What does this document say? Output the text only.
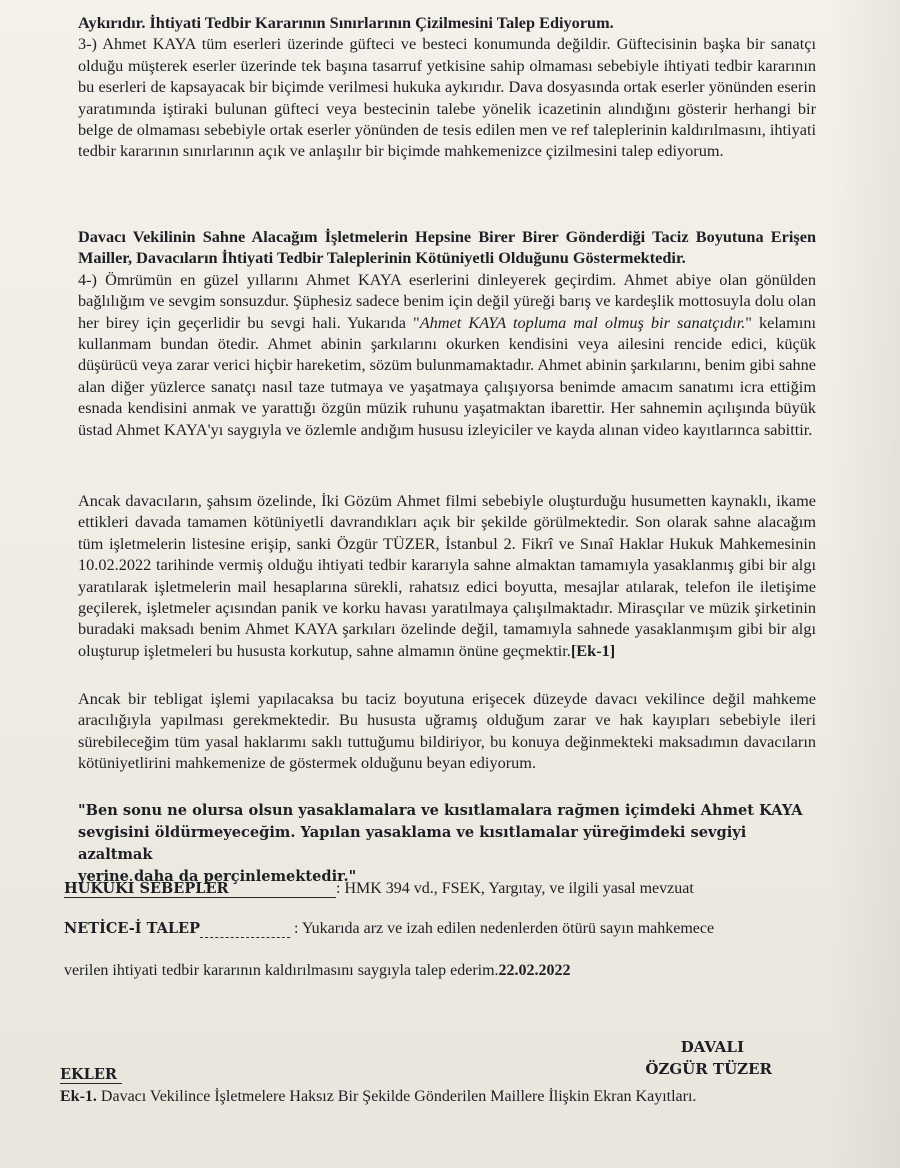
Aykırıdır. İhtiyati Tedbir Kararının Sınırlarının Çizilmesini Talep Ediyorum.

3-) Ahmet KAYA tüm eserleri üzerinde güfteci ve besteci konumunda değildir. Güftecisinin başka bir sanatçı olduğu müşterek eserler üzerinde tek başına tasarruf yetkisine sahip olmaması sebebiyle ihtiyati tedbir kararının bu eserleri de kapsayacak bir biçimde verilmesi hukuka aykırıdır. Dava dosyasında ortak eserler yönünden eserin yaratımında iştiraki bulunan güfteci veya bestecinin talebe yönelik icazetinin alındığını gösterir herhangi bir belge de olmaması sebebiyle ortak eserler yönünden de tesis edilen men ve ref taleplerinin kaldırılmasını, ihtiyati tedbir kararının sınırlarının açık ve anlaşılır bir biçimde mahkemenizce çizilmesini talep ediyorum.

Davacı Vekilinin Sahne Alacağım İşletmelerin Hepsine Birer Birer Gönderdiği Taciz Boyutuna Erişen Mailler, Davacıların İhtiyati Tedbir Taleplerinin Kötüniyetli Olduğunu Göstermektedir.

4-) Ömrümün en güzel yıllarını Ahmet KAYA eserlerini dinleyerek geçirdim. Ahmet abiye olan gönülden bağlılığım ve sevgim sonsuzdur. Şüphesiz sadece benim için değil yüreği barış ve kardeşlik mottosuyla dolu olan her birey için geçerlidir bu sevgi hali. Yukarıda "Ahmet KAYA topluma mal olmuş bir sanatçıdır." kelamını kullanmam bundan ötedir. Ahmet abinin şarkılarını okurken kendisini veya ailesini rencide edici, küçük düşürücü veya zarar verici hiçbir hareketim, sözüm bulunmamaktadır. Ahmet abinin şarkılarını, benim gibi sahne alan diğer yüzlerce sanatçı nasıl taze tutmaya ve yaşatmaya çalışıyorsa benimde amacım sanatımı icra ettiğim esnada kendisini anmak ve yarattığı özgün müzik ruhunu yaşatmaktan ibarettir. Her sahnemin açılışında büyük üstad Ahmet KAYA'yı saygıyla ve özlemle andığım hususu izleyiciler ve kayda alınan video kayıtlarınca sabittir.

Ancak davacıların, şahsım özelinde, İki Gözüm Ahmet filmi sebebiyle oluşturduğu husumetten kaynaklı, ikame ettikleri davada tamamen kötüniyetli davrandıkları açık bir şekilde görülmektedir. Son olarak sahne alacağım tüm işletmelerin listesine erişip, sanki Özgür TÜZER, İstanbul 2. Fikrî ve Sınaî Haklar Hukuk Mahkemesinin 10.02.2022 tarihinde vermiş olduğu ihtiyati tedbir kararıyla sahne almaktan tamamıyla yasaklanmış gibi bir algı yaratılarak işletmelerin mail hesaplarına sürekli, rahatsız edici boyutta, mesajlar atılarak, telefon ile iletişime geçilerek, işletmeler açısından panik ve korku havası yaratılmaya çalışılmaktadır. Mirasçılar ve müzik şirketinin buradaki maksadı benim Ahmet KAYA şarkıları özelinde değil, tamamıyla sahnede yasaklanmışım gibi bir algı oluşturup işletmeleri bu hususta korkutup, sahne almamın önüne geçmektir.[Ek-1]

Ancak bir tebligat işlemi yapılacaksa bu taciz boyutuna erişecek düzeyde davacı vekilince değil mahkeme aracılığıyla yapılması gerekmektedir. Bu hususta uğramış olduğum zarar ve hak kayıpları sebebiyle ileri sürebileceğim tüm yasal haklarımı saklı tuttuğumu bildiriyor, bu konuya değinmekteki maksadımın davacıların kötüniyetlirini mahkemenize de göstermek olduğunu beyan ediyorum.

"Ben sonu ne olursa olsun yasaklamalara ve kısıtlamalara rağmen içimdeki Ahmet KAYA
sevgisini öldürmeyeceğim. Yapılan yasaklama ve kısıtlamalar yüreğimdeki sevgiyi azaltmak
yerine daha da perçinlemektedir."
HUKUKİ SEBEPLER	: HMK 394 vd., FSEK, Yargıtay, ve ilgili yasal mevzuat
NETİCE-İ TALEP	: Yukarıda arz ve izah edilen nedenlerden ötürü sayın mahkemece
verilen ihtiyati tedbir kararının kaldırılmasını saygıyla talep ederim.22.02.2022
DAVALI
ÖZGÜR TÜZER
EKLER
Ek-1. Davacı Vekilince İşletmelere Haksız Bir Şekilde Gönderilen Maillere İlişkin Ekran Kayıtları.
